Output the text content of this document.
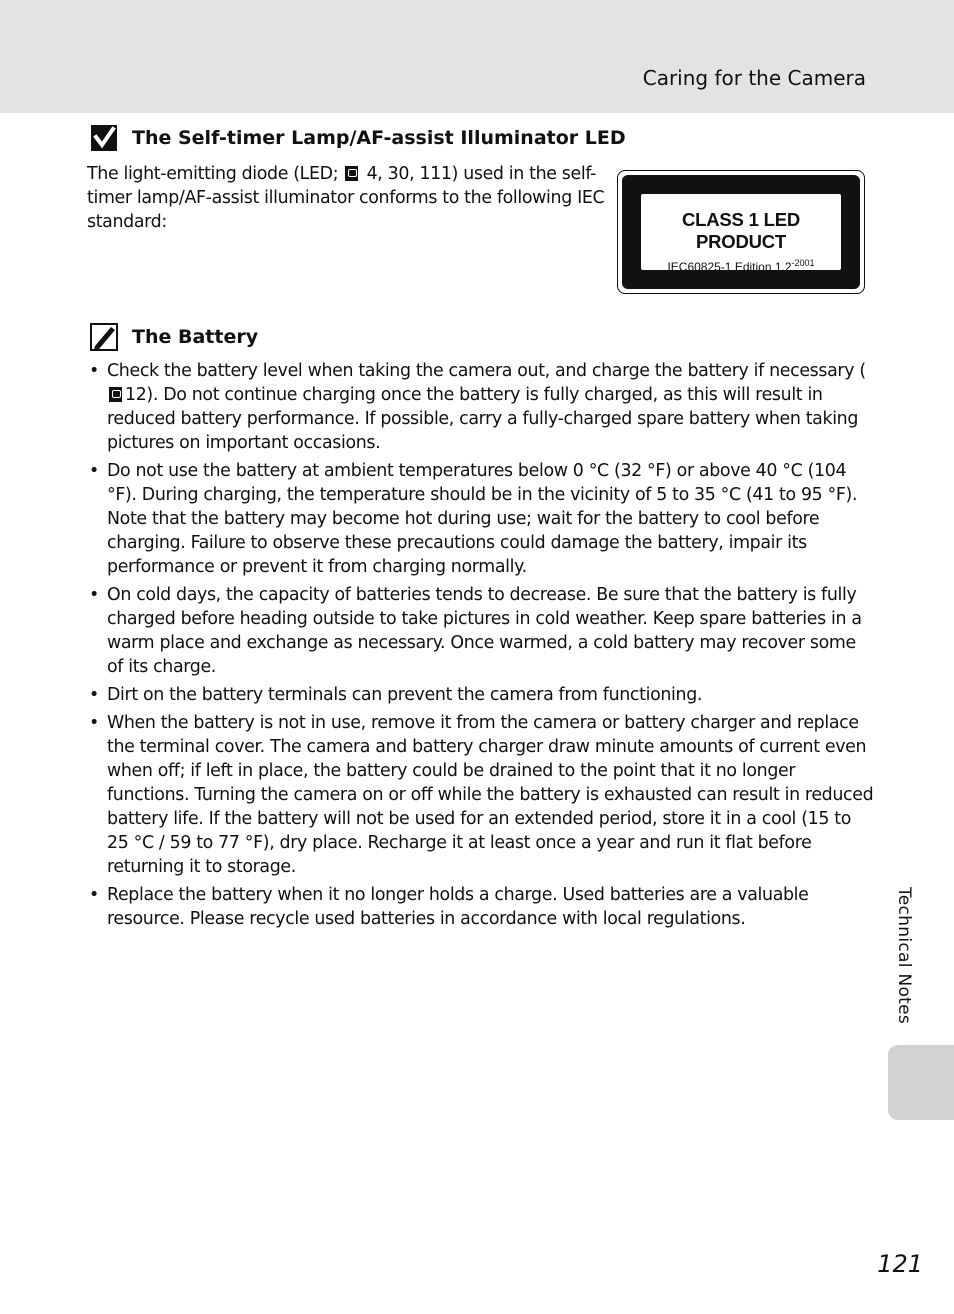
Caring for the Camera
The Self-timer Lamp/AF-assist Illuminator LED
The light-emitting diode (LED; 4, 30, 111) used in the self-timer lamp/AF-assist illuminator conforms to the following IEC standard:	CLASS 1 LED PRODUCT
IEC60825-1 Edition $1.2^{-2001}$
The Battery
• Check the battery level when taking the camera out, and charge the battery if necessary (12). Do not continue charging once the battery is fully charged, as this will result in reduced battery performance. If possible, carry a fully-charged spare battery when taking pictures on important occasions.
• Do not use the battery at ambient temperatures below 0 °C (32 °F) or above 40 °C (104 °F). During charging, the temperature should be in the vicinity of 5 to 35 °C (41 to 95 °F). Note that the battery may become hot during use; wait for the battery to cool before charging. Failure to observe these precautions could damage the battery, impair its performance or prevent it from charging normally.
• On cold days, the capacity of batteries tends to decrease. Be sure that the battery is fully charged before heading outside to take pictures in cold weather. Keep spare batteries in a warm place and exchange as necessary. Once warmed, a cold battery may recover some of its charge.
• Dirt on the battery terminals can prevent the camera from functioning.
• When the battery is not in use, remove it from the camera or battery charger and replace the terminal cover. The camera and battery charger draw minute amounts of current even when off; if left in place, the battery could be drained to the point that it no longer functions. Turning the camera on or off while the battery is exhausted can result in reduced battery life. If the battery will not be used for an extended period, store it in a cool (15 to 25 °C / 59 to 77 °F), dry place. Recharge it at least once a year and run it flat before returning it to storage.
• Replace the battery when it no longer holds a charge. Used batteries are a valuable resource. Please recycle used batteries in accordance with local regulations.	Technical Notes
121
